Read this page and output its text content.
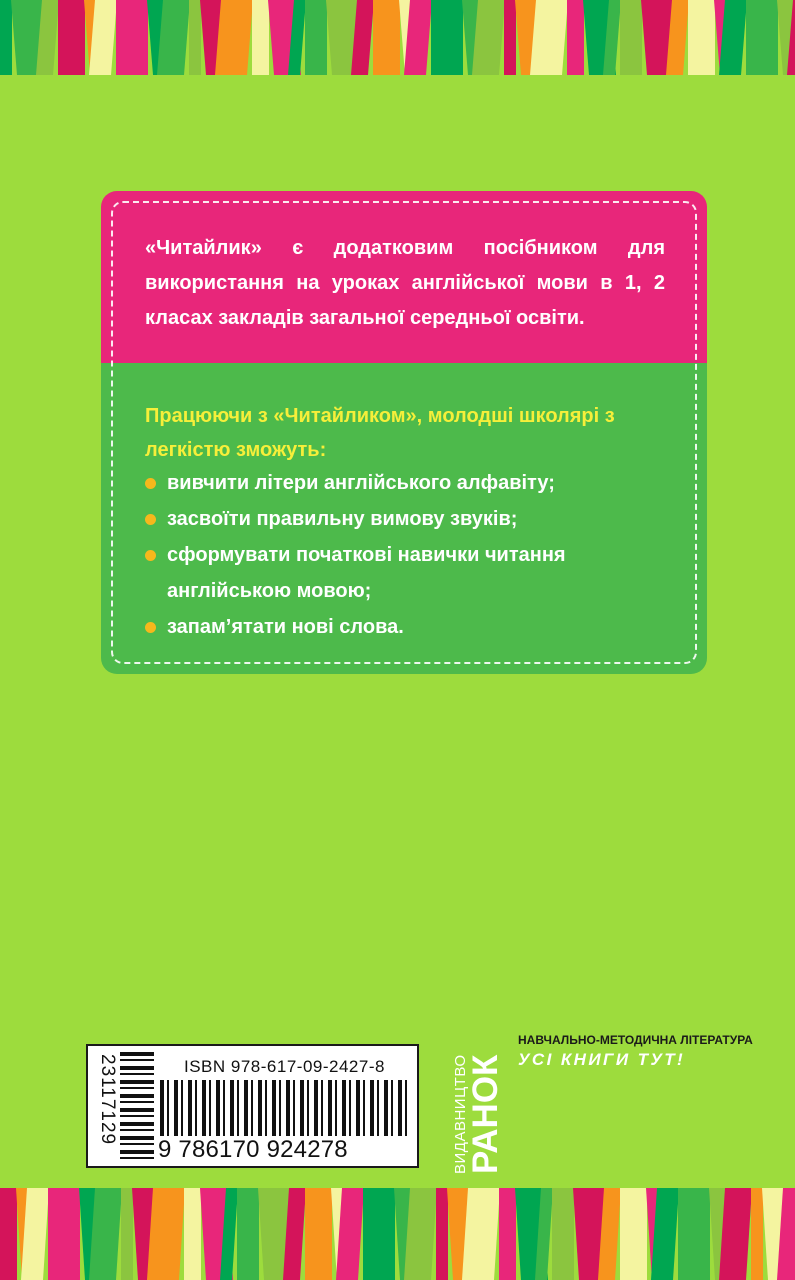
«Читайлик» є додатковим посібником для використання на уроках англійської мови в 1, 2 класах закладів загальної середньої освіти.
Працюючи з «Читайликом», молодші школярі з легкістю зможуть:
вивчити літери англійського алфавіту;
засвоїти правильну вимову звуків;
сформувати початкові навички читання
англійською мовою;
запам’ятати нові слова.
23117129	ISBN 978-617-09-2427-8
9 786170 924278	ВИДАВНИЦТВО
РАНОК
НАВЧАЛЬНО-МЕТОДИЧНА ЛІТЕРАТУРА
УСІ КНИГИ ТУТ!
